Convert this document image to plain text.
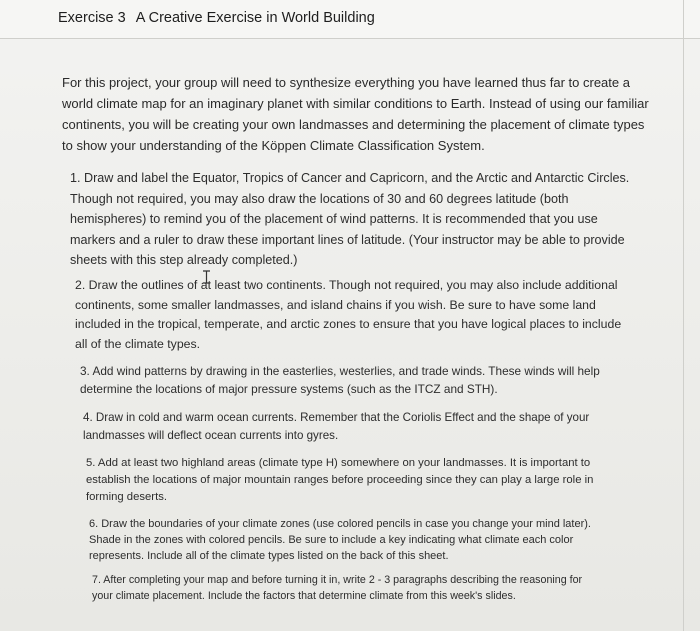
Exercise 3 A Creative Exercise in World Building

For this project, your group will need to synthesize everything you have learned thus far to create a world climate map for an imaginary planet with similar conditions to Earth. Instead of using our familiar continents, you will be creating your own landmasses and determining the placement of climate types to show your understanding of the Köppen Climate Classification System.

1. Draw and label the Equator, Tropics of Cancer and Capricorn, and the Arctic and Antarctic Circles. Though not required, you may also draw the locations of 30 and 60 degrees latitude (both hemispheres) to remind you of the placement of wind patterns. It is recommended that you use markers and a ruler to draw these important lines of latitude. (Your instructor may be able to provide sheets with this step already completed.)

2. Draw the outlines of at least two continents. Though not required, you may also include additional continents, some smaller landmasses, and island chains if you wish. Be sure to have some land included in the tropical, temperate, and arctic zones to ensure that you have logical places to include all of the climate types.

3. Add wind patterns by drawing in the easterlies, westerlies, and trade winds. These winds will help determine the locations of major pressure systems (such as the ITCZ and STH).

4. Draw in cold and warm ocean currents. Remember that the Coriolis Effect and the shape of your landmasses will deflect ocean currents into gyres.

5. Add at least two highland areas (climate type H) somewhere on your landmasses. It is important to establish the locations of major mountain ranges before proceeding since they can play a large role in forming deserts.

6. Draw the boundaries of your climate zones (use colored pencils in case you change your mind later). Shade in the zones with colored pencils. Be sure to include a key indicating what climate each color represents. Include all of the climate types listed on the back of this sheet.

7. After completing your map and before turning it in, write 2 - 3 paragraphs describing the reasoning for your climate placement. Include the factors that determine climate from this week's slides.
